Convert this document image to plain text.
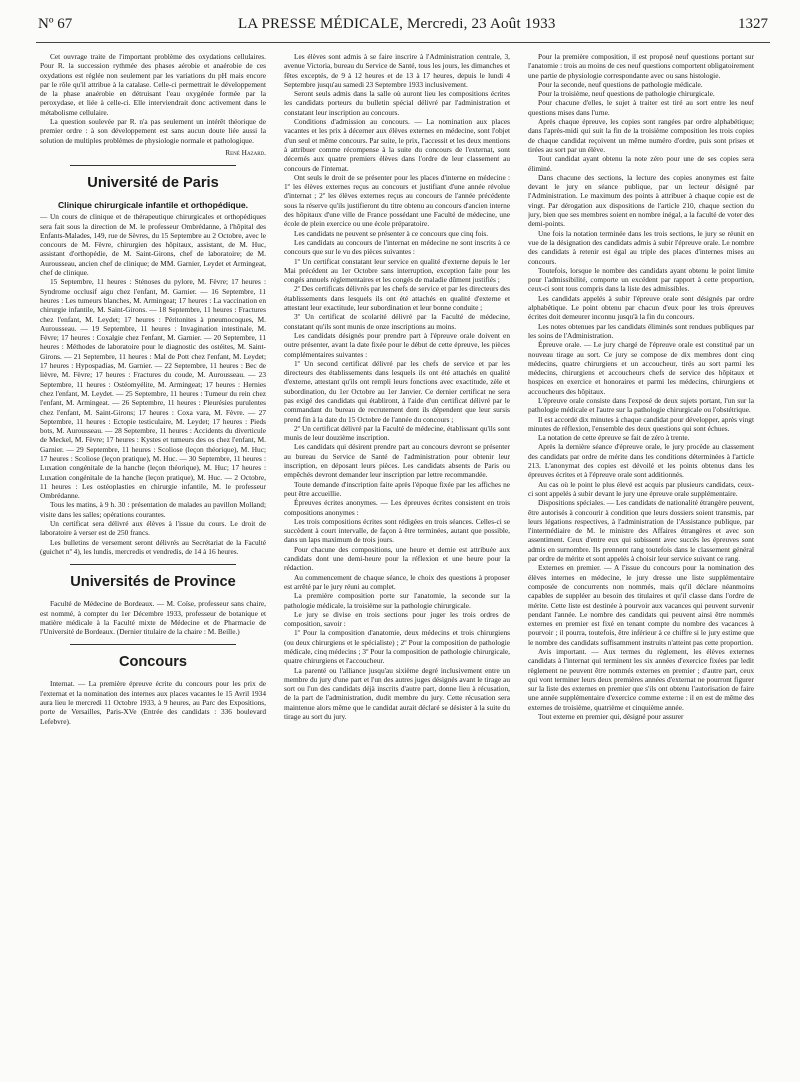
Nº 67	LA PRESSE MÉDICALE, Mercredi, 23 Août 1933	1327

Cet ouvrage traite de l'important problème des oxydations cellulaires. Pour R. la succession rythmée des phases aérobie et anaérobie de ces oxydations est réglée non seulement par les variations du pH mais encore par le rôle qu'il attribue à la catalase. Celle-ci permettrait le développement de la phase anaérobie en détruisant l'eau oxygénée formée par la peroxydase, et liée à celle-ci. Elle interviendrait donc activement dans le métabolisme cellulaire.

La question soulevée par R. n'a pas seulement un intérêt théorique de premier ordre : à son développement est sans aucun doute liée aussi la solution de multiples problèmes de physiologie normale et pathologique.

René Hazard.
Université de Paris
Clinique chirurgicale infantile et orthopédique.

— Un cours de clinique et de thérapeutique chirurgicales et orthopédiques sera fait sous la direction de M. le professeur Ombrédanne, à l'hôpital des Enfants-Malades, 149, rue de Sèvres, du 15 Septembre au 2 Octobre, avec le concours de M. Fèvre, chirurgien des hôpitaux, assistant, de M. Huc, assistant d'orthopédie, de M. Saint-Girons, chef de laboratoire; de M. Aurousseau, ancien chef de clinique; de MM. Garnier, Leydet et Armingeat, chef de clinique.

15 Septembre, 11 heures : Sténoses du pylore, M. Fèvre; 17 heures : Syndrome occlusif aigu chez l'enfant, M. Garnier. — 16 Septembre, 11 heures : Les tumeurs blanches, M. Armingeat; 17 heures : La vaccination en chirurgie infantile, M. Saint-Girons. — 18 Septembre, 11 heures : Fractures chez l'enfant, M. Leydet; 17 heures : Péritonites à pneumocoques, M. Aurousseau. — 19 Septembre, 11 heures : Invagination intestinale, M. Fèvre; 17 heures : Coxalgie chez l'enfant, M. Garnier. — 20 Septembre, 11 heures : Méthodes de laboratoire pour le diagnostic des ostéites, M. Saint-Girons. — 21 Septembre, 11 heures : Mal de Pott chez l'enfant, M. Leydet; 17 heures : Hypospadias, M. Garnier. — 22 Septembre, 11 heures : Bec de lièvre, M. Fèvre; 17 heures : Fractures du coude, M. Aurousseau. — 23 Septembre, 11 heures : Ostéomyélite, M. Armingeat; 17 heures : Hernies chez l'enfant, M. Leydet. — 25 Septembre, 11 heures : Tumeur du rein chez l'enfant, M. Armingeat. — 26 Septembre, 11 heures : Pleurésies purulentes chez l'enfant, M. Saint-Girons; 17 heures : Coxa vara, M. Fèvre. — 27 Septembre, 11 heures : Ectopie testiculaire, M. Leydet; 17 heures : Pieds bots, M. Aurousseau. — 28 Septembre, 11 heures : Accidents du diverticule de Meckel, M. Fèvre; 17 heures : Kystes et tumeurs des os chez l'enfant, M. Garnier. — 29 Septembre, 11 heures : Scoliose (leçon théorique), M. Huc; 17 heures : Scoliose (leçon pratique), M. Huc. — 30 Septembre, 11 heures : Luxation congénitale de la hanche (leçon théorique), M. Huc; 17 heures : Luxation congénitale de la hanche (leçon pratique), M. Huc. — 2 Octobre, 11 heures : Les ostéoplasties en chirurgie infantile, M. le professeur Ombrédanne.

Tous les matins, à 9 h. 30 : présentation de malades au pavillon Molland; visite dans les salles; opérations courantes.

Un certificat sera délivré aux élèves à l'issue du cours. Le droit de laboratoire à verser est de 250 francs.

Les bulletins de versement seront délivrés au Secrétariat de la Faculté (guichet nº 4), les lundis, mercredis et vendredis, de 14 à 16 heures.

Universités de Province

Faculté de Médecine de Bordeaux. — M. Coïse, professeur sans chaire, est nommé, à compter du 1er Décembre 1933, professeur de botanique et matière médicale à la Faculté mixte de Médecine et de Pharmacie de l'Université de Bordeaux. (Dernier titulaire de la chaire : M. Beille.)

Concours

Internat. — La première épreuve écrite du concours pour les prix de l'externat et la nomination des internes aux places vacantes le 15 Avril 1934 aura lieu le mercredi 11 Octobre 1933, à 9 heures, au Parc des Expositions, porte de Versailles, Paris-XVe (Entrée des candidats : 336 boulevard Lefebvre).

Les élèves sont admis à se faire inscrire à l'Administration centrale, 3, avenue Victoria, bureau du Service de Santé, tous les jours, les dimanches et fêtes exceptés, de 9 à 12 heures et de 13 à 17 heures, depuis le lundi 4 Septembre jusqu'au samedi 23 Septembre 1933 inclusivement.

Seront seuls admis dans la salle où auront lieu les compositions écrites les candidats porteurs du bulletin spécial délivré par l'administration et constatant leur inscription au concours.

Conditions d'admission au concours. — La nomination aux places vacantes et les prix à décerner aux élèves externes en médecine, sont l'objet d'un seul et même concours. Par suite, le prix, l'accessit et les deux mentions à attribuer comme récompense à la suite du concours de l'externat, sont décernés aux quatre premiers élèves dans l'ordre de leur classement au concours de l'internat.

Ont seuls le droit de se présenter pour les places d'interne en médecine : 1º les élèves externes reçus au concours et justifiant d'une année révolue d'internat ; 2º les élèves externes reçus au concours de l'année précédente sous la réserve qu'ils justifieront du titre obtenu au concours d'ancien interne des hôpitaux d'une ville de France possédant une Faculté de médecine, une école de plein exercice ou une école préparatoire.

Les candidats ne peuvent se présenter à ce concours que cinq fois.

Les candidats au concours de l'internat en médecine ne sont inscrits à ce concours que sur le vu des pièces suivantes :

1º Un certificat constatant leur service en qualité d'externe depuis le 1er Mai précédent au 1er Octobre sans interruption, exception faite pour les congés annuels réglementaires et les congés de maladie dûment justifiés ;

2º Des certificats délivrés par les chefs de service et par les directeurs des établissements dans lesquels ils ont été attachés en qualité d'externe et attestant leur exactitude, leur subordination et leur bonne conduite ;

3º Un certificat de scolarité délivré par la Faculté de médecine, constatant qu'ils sont munis de onze inscriptions au moins.

Les candidats désignés pour prendre part à l'épreuve orale doivent en outre présenter, avant la date fixée pour le début de cette épreuve, les pièces complémentaires suivantes :

1º Un second certificat délivré par les chefs de service et par les directeurs des établissements dans lesquels ils ont été attachés en qualité d'externe, attestant qu'ils ont rempli leurs fonctions avec exactitude, zèle et subordination, du 1er Octobre au 1er Janvier. Ce dernier certificat ne sera pas exigé des candidats qui établiront, à l'aide d'un certificat délivré par le commandant du bureau de recrutement dont ils dépendent que leur sursis prend fin à la date du 15 Octobre de l'année du concours ;

2º Un certificat délivré par la Faculté de médecine, établissant qu'ils sont munis de leur douzième inscription.

Les candidats qui désirent prendre part au concours devront se présenter au bureau du Service de Santé de l'administration pour obtenir leur inscription, en déposant leurs pièces. Les candidats absents de Paris ou empêchés devront demander leur inscription par lettre recommandée.

Toute demande d'inscription faite après l'époque fixée par les affiches ne peut être accueillie.

Épreuves écrites anonymes. — Les épreuves écrites consistent en trois compositions anonymes :

Les trois compositions écrites sont rédigées en trois séances. Celles-ci se succèdent à court intervalle, de façon à être terminées, autant que possible, dans un laps maximum de trois jours.

Pour chacune des compositions, une heure et demie est attribuée aux candidats dont une demi-heure pour la réflexion et une heure pour la rédaction.

Au commencement de chaque séance, le choix des questions à proposer est arrêté par le jury réuni au complet.

La première composition porte sur l'anatomie, la seconde sur la pathologie médicale, la troisième sur la pathologie chirurgicale.

Le jury se divise en trois sections pour juger les trois ordres de composition, savoir :

1º Pour la composition d'anatomie, deux médecins et trois chirurgiens (ou deux chirurgiens et le spécialiste) ; 2º Pour la composition de pathologie médicale, cinq médecins ; 3º Pour la composition de pathologie chirurgicale, quatre chirurgiens et l'accoucheur.

La parenté ou l'alliance jusqu'au sixième degré inclusivement entre un membre du jury d'une part et l'un des autres juges désignés avant le tirage au sort ou l'un des candidats déjà inscrits d'autre part, donne lieu à récusation, de la part de l'administration, dudit membre du jury. Cette récusation sera maintenue alors même que le candidat aurait déclaré se désister à la suite du tirage au sort du jury.

Pour la première composition, il est proposé neuf questions portant sur l'anatomie : trois au moins de ces neuf questions comportent obligatoirement une partie de physiologie correspondante avec ou sans histologie.

Pour la seconde, neuf questions de pathologie médicale.

Pour la troisième, neuf questions de pathologie chirurgicale.

Pour chacune d'elles, le sujet à traiter est tiré au sort entre les neuf questions mises dans l'urne.

Après chaque épreuve, les copies sont rangées par ordre alphabétique; dans l'après-midi qui suit la fin de la troisième composition les trois copies de chaque candidat reçoivent un même numéro d'ordre, puis sont prises et tirées au sort par un élève.

Tout candidat ayant obtenu la note zéro pour une de ses copies sera éliminé.

Dans chacune des sections, la lecture des copies anonymes est faite devant le jury en séance publique, par un lecteur désigné par l'Administration. Le maximum des points à attribuer à chaque copie est de vingt. Par dérogation aux dispositions de l'article 210, chaque section du jury, bien que ses membres soient en nombre inégal, a la faculté de voter des demi-points.

Une fois la notation terminée dans les trois sections, le jury se réunit en vue de la désignation des candidats admis à subir l'épreuve orale. Le nombre des candidats à retenir est égal au triple des places d'internes mises au concours.

Toutefois, lorsque le nombre des candidats ayant obtenu le point limite pour l'admissibilité, comporte un excédent par rapport à cette proportion, ceux-ci sont tous compris dans la liste des admissibles.

Les candidats appelés à subir l'épreuve orale sont désignés par ordre alphabétique. Le point obtenu par chacun d'eux pour les trois épreuves écrites doit demeurer inconnu jusqu'à la fin du concours.

Les notes obtenues par les candidats éliminés sont rendues publiques par les soins de l'Administration.

Épreuve orale. — Le jury chargé de l'épreuve orale est constitué par un nouveau tirage au sort. Ce jury se compose de dix membres dont cinq médecins, quatre chirurgiens et un accoucheur, tirés au sort parmi les médecins, chirurgiens et accoucheurs chefs de service des hôpitaux et hospices en exercice et honoraires et parmi les médecins, chirurgiens et accoucheurs des hôpitaux.

L'épreuve orale consiste dans l'exposé de deux sujets portant, l'un sur la pathologie médicale et l'autre sur la pathologie chirurgicale ou l'obstétrique.

Il est accordé dix minutes à chaque candidat pour développer, après vingt minutes de réflexion, l'ensemble des deux questions qui sont échues.

La notation de cette épreuve se fait de zéro à trente.

Après la dernière séance d'épreuve orale, le jury procède au classement des candidats par ordre de mérite dans les conditions déterminées à l'article 213. L'anonymat des copies est dévoilé et les points obtenus dans les épreuves écrites et à l'épreuve orale sont additionnés.

Au cas où le point le plus élevé est acquis par plusieurs candidats, ceux-ci sont appelés à subir devant le jury une épreuve orale supplémentaire.

Dispositions spéciales. — Les candidats de nationalité étrangère peuvent, être autorisés à concourir à condition que leurs dossiers soient transmis, par leurs légations respectives, à l'administration de l'Assistance publique, par l'intermédiaire de M. le ministre des Affaires étrangères et avec son assentiment. Ceux d'entre eux qui subissent avec succès les épreuves sont admis en surnombre. Ils prennent rang toutefois dans le classement général par ordre de mérite et sont appelés à choisir leur service suivant ce rang.

Externes en premier. — A l'issue du concours pour la nomination des élèves internes en médecine, le jury dresse une liste supplémentaire composée de concurrents non nommés, mais qu'il déclare néanmoins capables de suppléer au besoin des titulaires et qu'il classe dans l'ordre de mérite. Cette liste est destinée à pourvoir aux vacances qui peuvent survenir pendant l'année. Le nombre des candidats qui peuvent ainsi être nommés externes en premier est fixé en tenant compte du nombre des vacances à pourvoir ; il pourra, toutefois, être inférieur à ce chiffre si le jury estime que le nombre des candidats suffisamment instruits n'atteint pas cette proportion.

Avis important. — Aux termes du règlement, les élèves externes candidats à l'internat qui terminent les six années d'exercice fixées par ledit règlement ne peuvent être nommés externes en premier ; d'autre part, ceux qui vont terminer leurs deux premières années d'externat ne pourront figurer sur la liste des externes en premier que s'ils ont obtenu l'autorisation de faire une année supplémentaire d'exercice comme externe : il en est de même des externes de troisième, quatrième et cinquième année.

Tout externe en premier qui, désigné pour assurer
